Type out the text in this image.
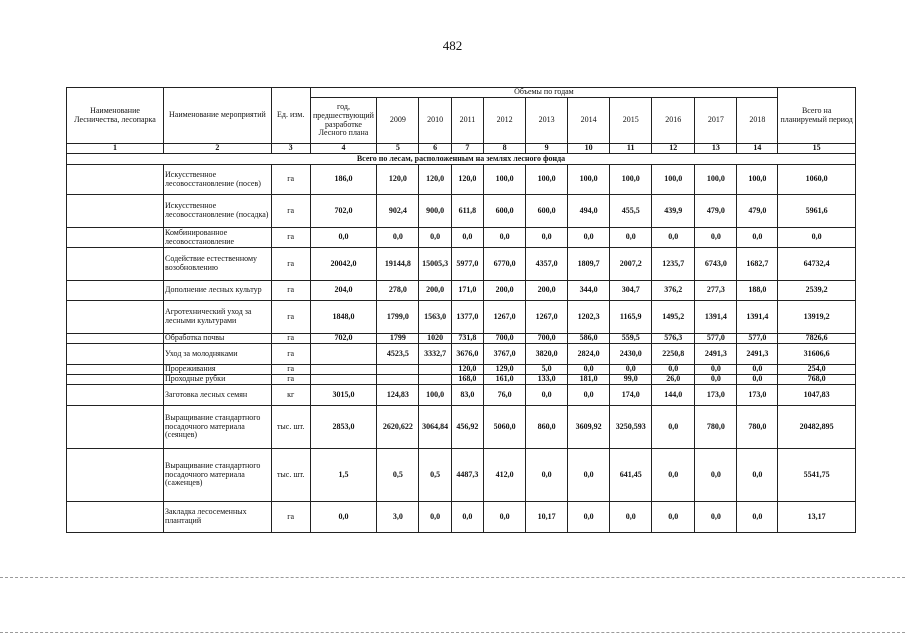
482
Наименование Лесничества, лесопарка	Наименование мероприятий	Ед. изм.	Объемы по годам											Всего на планируемый период
			год, предшествующий разработке Лесного плана	2009	2010	2011	2012	2013	2014	2015	2016	2017	2018	
1	2	3	4	5	6	7	8	9	10	11	12	13	14	15
Всего по лесам, расположенным на землях лесного фонда														
	Искусственное лесовосстановление (посев)	га	186,0	120,0	120,0	120,0	100,0	100,0	100,0	100,0	100,0	100,0	100,0	1060,0
	Искусственное лесовосстановление (посадка)	га	702,0	902,4	900,0	611,8	600,0	600,0	494,0	455,5	439,9	479,0	479,0	5961,6
	Комбинированное лесовосстановление	га	0,0	0,0	0,0	0,0	0,0	0,0	0,0	0,0	0,0	0,0	0,0	0,0
	Содействие естественному возобновлению	га	20042,0	19144,8	15005,3	5977,0	6770,0	4357,0	1809,7	2007,2	1235,7	6743,0	1682,7	64732,4
	Дополнение лесных культур	га	204,0	278,0	200,0	171,0	200,0	200,0	344,0	304,7	376,2	277,3	188,0	2539,2
	Агротехнический уход за лесными культурами	га	1848,0	1799,0	1563,0	1377,0	1267,0	1267,0	1202,3	1165,9	1495,2	1391,4	1391,4	13919,2
	Обработка почвы	га	702,0	1799	1020	731,8	700,0	700,0	586,0	559,5	576,3	577,0	577,0	7826,6
	Уход за молодняками	га		4523,5	3332,7	3676,0	3767,0	3820,0	2824,0	2430,0	2250,8	2491,3	2491,3	31606,6
	Прореживания	га				120,0	129,0	5,0	0,0	0,0	0,0	0,0	0,0	254,0
	Проходные рубки	га				168,0	161,0	133,0	181,0	99,0	26,0	0,0	0,0	768,0
	Заготовка лесных семян	кг	3015,0	124,83	100,0	83,0	76,0	0,0	0,0	174,0	144,0	173,0	173,0	1047,83
	Выращивание стандартного посадочного материала (сеянцев)	тыс. шт.	2853,0	2620,622	3064,84	456,92	5060,0	860,0	3609,92	3250,593	0,0	780,0	780,0	20482,895
	Выращивание стандартного посадочного материала (саженцев)	тыс. шт.	1,5	0,5	0,5	4487,3	412,0	0,0	0,0	641,45	0,0	0,0	0,0	5541,75
	Закладка лесосеменных плантаций	га	0,0	3,0	0,0	0,0	0,0	10,17	0,0	0,0	0,0	0,0	0,0	13,17
